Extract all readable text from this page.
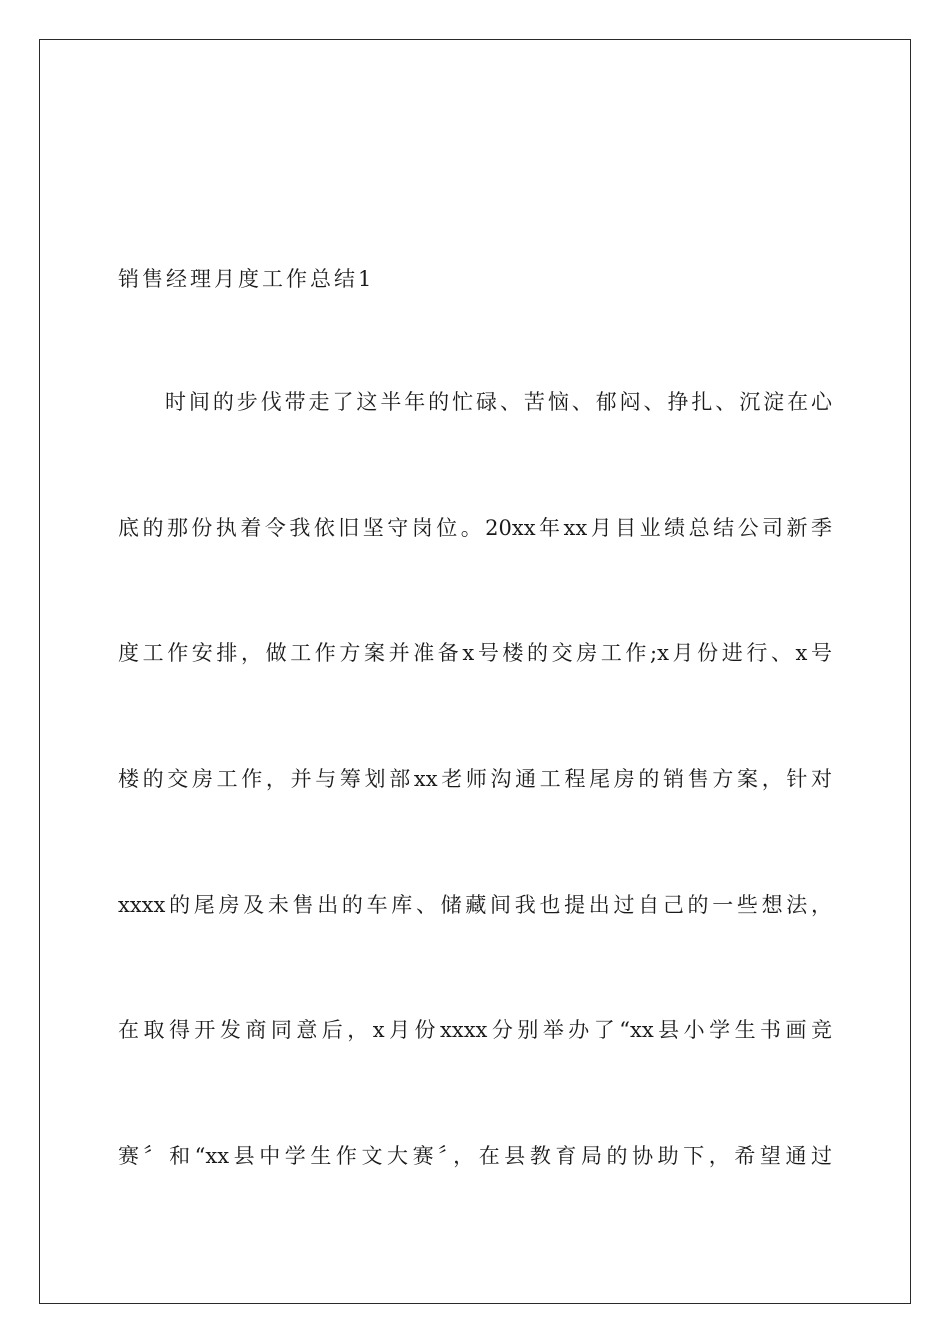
销售经理月度工作总结1
时间的步伐带走了这半年的忙碌、苦恼、郁闷、挣扎、沉淀在心
底的那份执着令我依旧坚守岗位。20xx年xx月目业绩总结公司新季
度工作安排，做工作方案并准备x号楼的交房工作;x月份进行、x号
楼的交房工作，并与筹划部xx老师沟通工程尾房的销售方案，针对
xxxx的尾房及未售出的车库、储藏间我也提出过自己的一些想法，
在取得开发商同意后，x月份xxxx分别举办了“xx县小学生书画竞
赛〞和“xx县中学生作文大赛〞，在县教育局的协助下，希望通过
